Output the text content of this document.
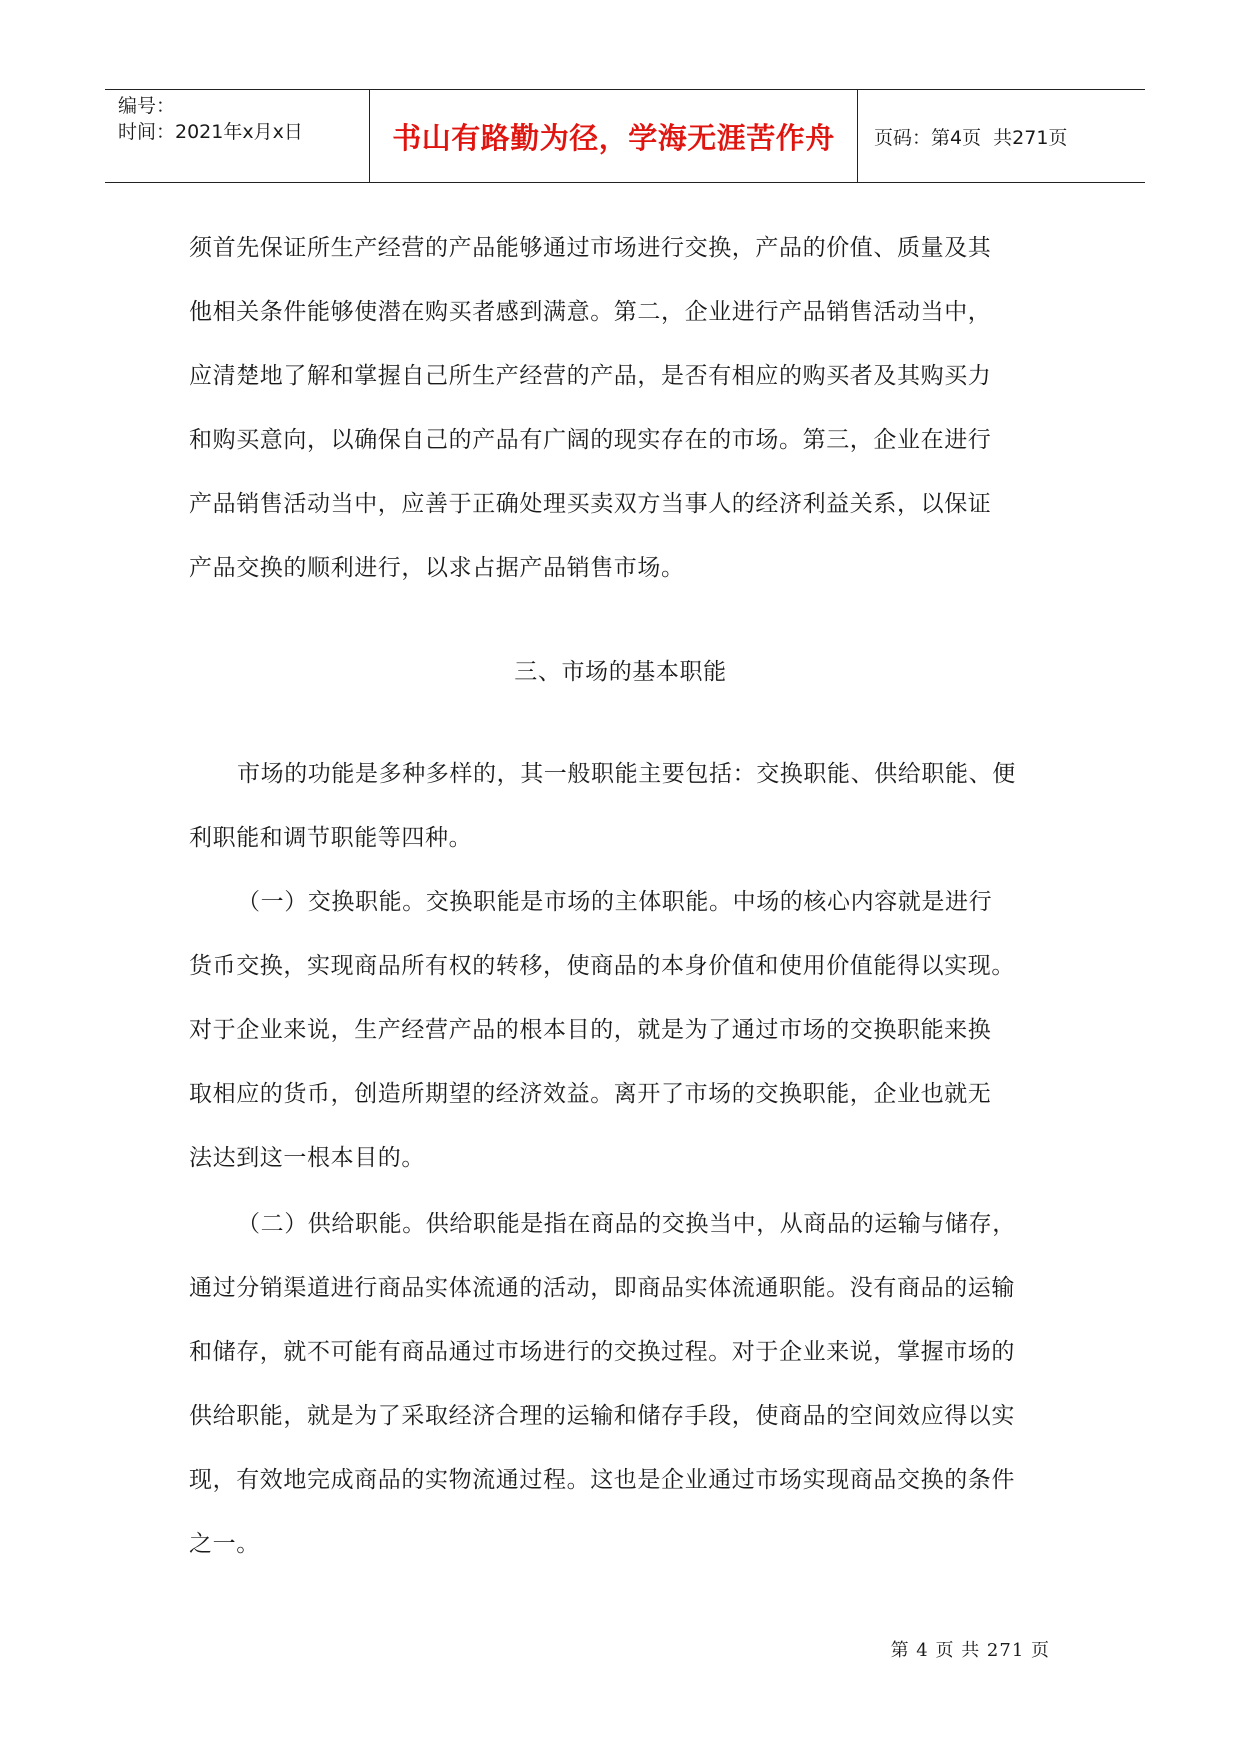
编号：
时间：2021年x月x日	书山有路勤为径，学海无涯苦作舟 页码：第4页  共271页
须首先保证所生产经营的产品能够通过市场进行交换，产品的价值、质量及其
他相关条件能够使潜在购买者感到满意。第二，企业进行产品销售活动当中，
应清楚地了解和掌握自己所生产经营的产品，是否有相应的购买者及其购买力
和购买意向，以确保自己的产品有广阔的现实存在的市场。第三，企业在进行
产品销售活动当中，应善于正确处理买卖双方当事人的经济利益关系，以保证
产品交换的顺利进行，以求占据产品销售市场。
三、市场的基本职能
市场的功能是多种多样的，其一般职能主要包括：交换职能、供给职能、便
利职能和调节职能等四种。
（一）交换职能。交换职能是市场的主体职能。中场的核心内容就是进行
货币交换，实现商品所有权的转移，使商品的本身价值和使用价值能得以实现。
对于企业来说，生产经营产品的根本目的，就是为了通过市场的交换职能来换
取相应的货币，创造所期望的经济效益。离开了市场的交换职能，企业也就无
法达到这一根本目的。
（二）供给职能。供给职能是指在商品的交换当中，从商品的运输与储存，
通过分销渠道进行商品实体流通的活动，即商品实体流通职能。没有商品的运输
和储存，就不可能有商品通过市场进行的交换过程。对于企业来说，掌握市场的
供给职能，就是为了采取经济合理的运输和储存手段，使商品的空间效应得以实
现，有效地完成商品的实物流通过程。这也是企业通过市场实现商品交换的条件
之一。
第 4 页 共 271 页
